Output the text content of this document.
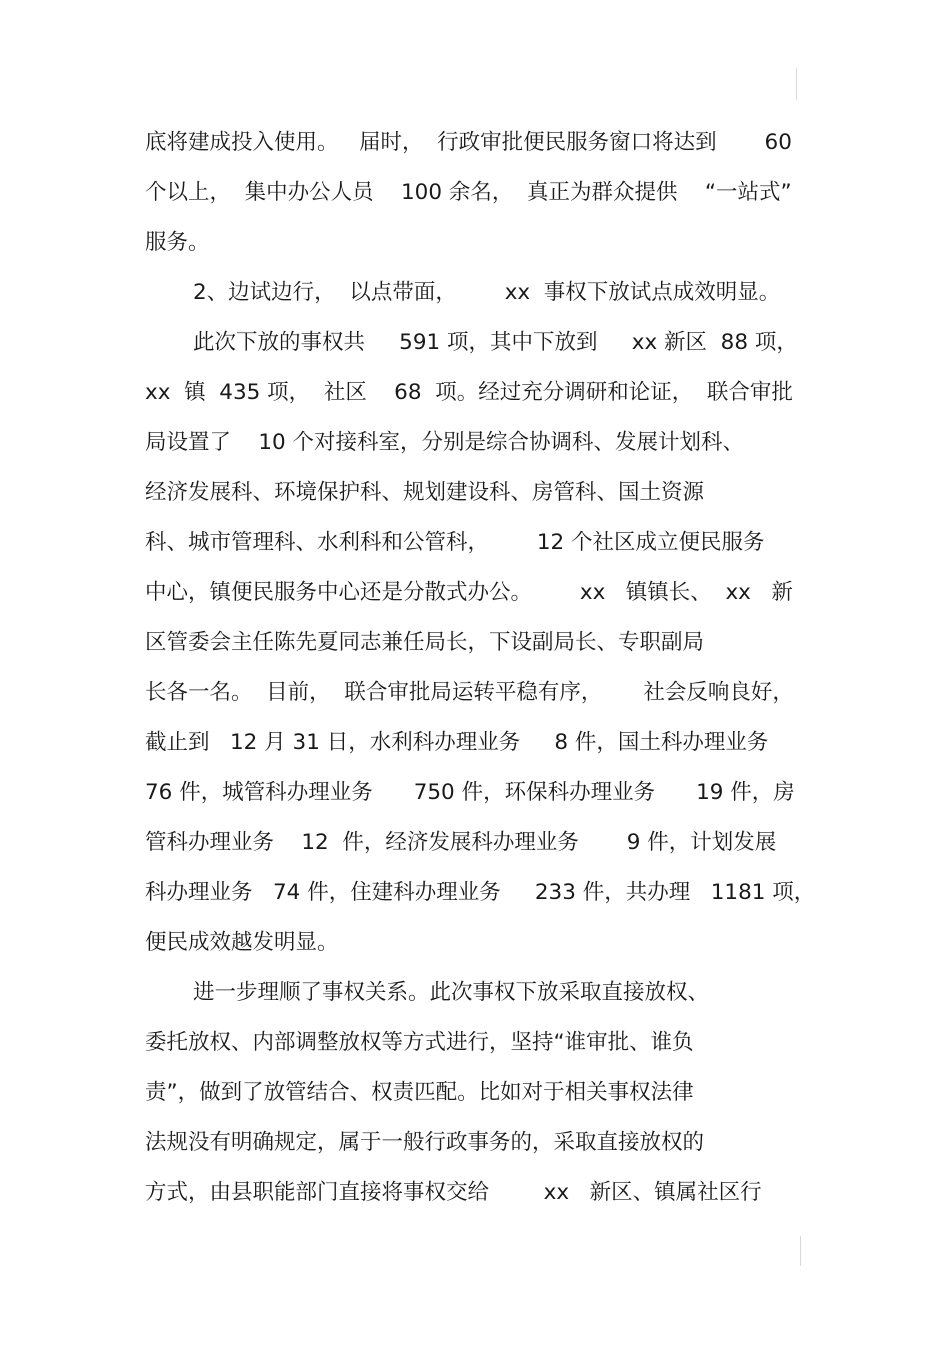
底将建成投入使用。   届时，  行政审批便民服务窗口将达到       60
个以上，  集中办公人员    100 余名，  真正为群众提供    “一站式”
服务。
2、边试边行，  以点带面，       xx  事权下放试点成效明显。
此次下放的事权共     591 项，其中下放到     xx 新区  88 项，
xx  镇  435 项，  社区    68  项。经过充分调研和论证，  联合审批
局设置了    10 个对接科室，分别是综合协调科、发展计划科、
经济发展科、环境保护科、规划建设科、房管科、国土资源
科、城市管理科、水利科和公管科，       12 个社区成立便民服务
中心，镇便民服务中心还是分散式办公。       xx   镇镇长、  xx   新
区管委会主任陈先夏同志兼任局长，下设副局长、专职副局
长各一名。  目前，  联合审批局运转平稳有序，      社会反响良好，
截止到   12 月 31 日，水利科办理业务     8 件，国土科办理业务
76 件，城管科办理业务      750 件，环保科办理业务      19 件，房
管科办理业务    12  件，经济发展科办理业务       9 件，计划发展
科办理业务   74 件，住建科办理业务     233 件，共办理   1181 项，
便民成效越发明显。
进一步理顺了事权关系。此次事权下放采取直接放权、
委托放权、内部调整放权等方式进行，坚持“谁审批、谁负
责”，做到了放管结合、权责匹配。比如对于相关事权法律
法规没有明确规定，属于一般行政事务的，采取直接放权的
方式，由县职能部门直接将事权交给        xx   新区、镇属社区行
